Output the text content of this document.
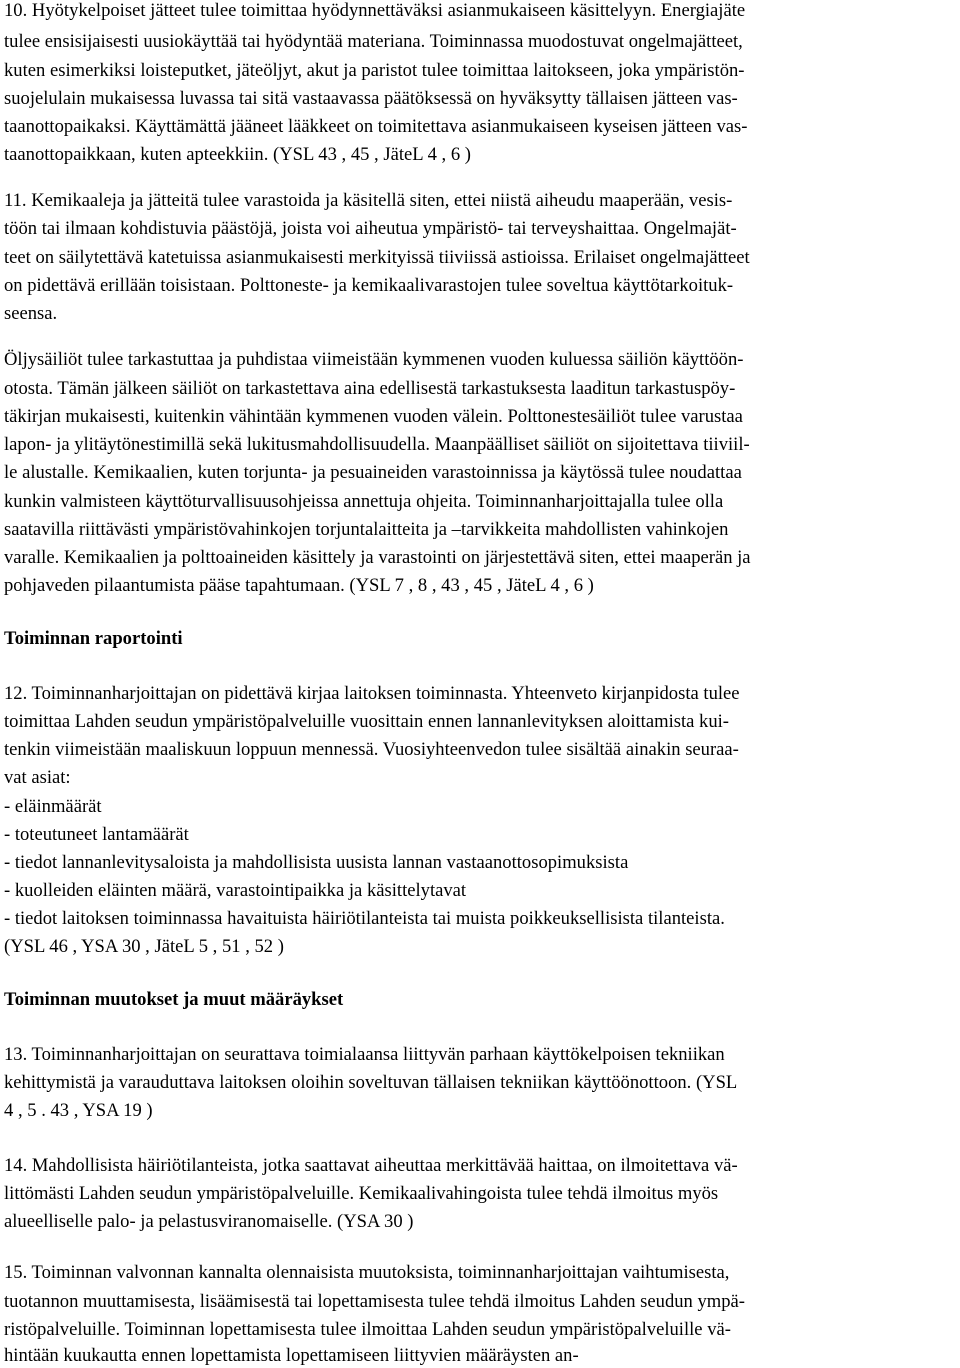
10. Hyötykelpoiset jätteet tulee toimittaa hyödynnettäväksi asianmukaiseen käsittelyyn. Energiajäte
tulee ensisijaisesti uusiokäyttää tai hyödyntää materiana. Toiminnassa muodostuvat ongelmajätteet,
kuten esimerkiksi loisteputket, jäteöljyt, akut ja paristot tulee toimittaa laitokseen, joka ympäristön-
suojelulain mukaisessa luvassa tai sitä vastaavassa päätöksessä on hyväksytty tällaisen jätteen vas-
taanottopaikaksi. Käyttämättä jääneet lääkkeet on toimitettava asianmukaiseen kyseisen jätteen vas-
taanottopaikkaan, kuten apteekkiin. (YSL 43 , 45 , JäteL 4 , 6 )
11. Kemikaaleja ja jätteitä tulee varastoida ja käsitellä siten, ettei niistä aiheudu maaperään, vesis-
töön tai ilmaan kohdistuvia päästöjä, joista voi aiheutua ympäristö- tai terveyshaittaa. Ongelmajät-
teet on säilytettävä katetuissa asianmukaisesti merkityissä tiiviissä astioissa. Erilaiset ongelmajätteet
on pidettävä erillään toisistaan. Polttoneste- ja kemikaalivarastojen tulee soveltua käyttötarkoituk-
seensa.
Öljysäiliöt tulee tarkastuttaa ja puhdistaa viimeistään kymmenen vuoden kuluessa säiliön käyttöön-
otosta. Tämän jälkeen säiliöt on tarkastettava aina edellisestä tarkastuksesta laaditun tarkastuspöy-
täkirjan mukaisesti, kuitenkin vähintään kymmenen vuoden välein. Polttonestesäiliöt tulee varustaa
lapon- ja ylitäytönestimillä sekä lukitusmahdollisuudella. Maanpäälliset säiliöt on sijoitettava tiiviil-
le alustalle. Kemikaalien, kuten torjunta- ja pesuaineiden varastoinnissa ja käytössä tulee noudattaa
kunkin valmisteen käyttöturvallisuusohjeissa annettuja ohjeita. Toiminnanharjoittajalla tulee olla
saatavilla riittävästi ympäristövahinkojen torjuntalaitteita ja –tarvikkeita mahdollisten vahinkojen
varalle. Kemikaalien ja polttoaineiden käsittely ja varastointi on järjestettävä siten, ettei maaperän ja
pohjaveden pilaantumista pääse tapahtumaan. (YSL 7 , 8 , 43 , 45 , JäteL 4 , 6 )
Toiminnan raportointi
12. Toiminnanharjoittajan on pidettävä kirjaa laitoksen toiminnasta. Yhteenveto kirjanpidosta tulee
toimittaa Lahden seudun ympäristöpalveluille vuosittain ennen lannanlevityksen aloittamista kui-
tenkin viimeistään maaliskuun loppuun mennessä. Vuosiyhteenvedon tulee sisältää ainakin seuraa-
vat asiat:
- eläinmäärät
- toteutuneet lantamäärät
- tiedot lannanlevitysaloista ja mahdollisista uusista lannan vastaanottosopimuksista
- kuolleiden eläinten määrä, varastointipaikka ja käsittelytavat
- tiedot laitoksen toiminnassa havaituista häiriötilanteista tai muista poikkeuksellisista tilanteista.
(YSL 46 , YSA 30 , JäteL 5 , 51 , 52 )
Toiminnan muutokset ja muut määräykset
13. Toiminnanharjoittajan on seurattava toimialaansa liittyvän parhaan käyttökelpoisen tekniikan
kehittymistä ja varauduttava laitoksen oloihin soveltuvan tällaisen tekniikan käyttöönottoon. (YSL
4 , 5 . 43 , YSA 19 )
14. Mahdollisista häiriötilanteista, jotka saattavat aiheuttaa merkittävää haittaa, on ilmoitettava vä-
littömästi Lahden seudun ympäristöpalveluille. Kemikaalivahingoista tulee tehdä ilmoitus myös
alueelliselle palo- ja pelastusviranomaiselle. (YSA 30 )
15. Toiminnan valvonnan kannalta olennaisista muutoksista, toiminnanharjoittajan vaihtumisesta,
tuotannon muuttamisesta, lisäämisestä tai lopettamisesta tulee tehdä ilmoitus Lahden seudun ympä-
ristöpalveluille. Toiminnan lopettamisesta tulee ilmoittaa Lahden seudun ympäristöpalveluille vä-
hintään kuukautta ennen lopettamista lopettamiseen liittyvien määräysten an-
